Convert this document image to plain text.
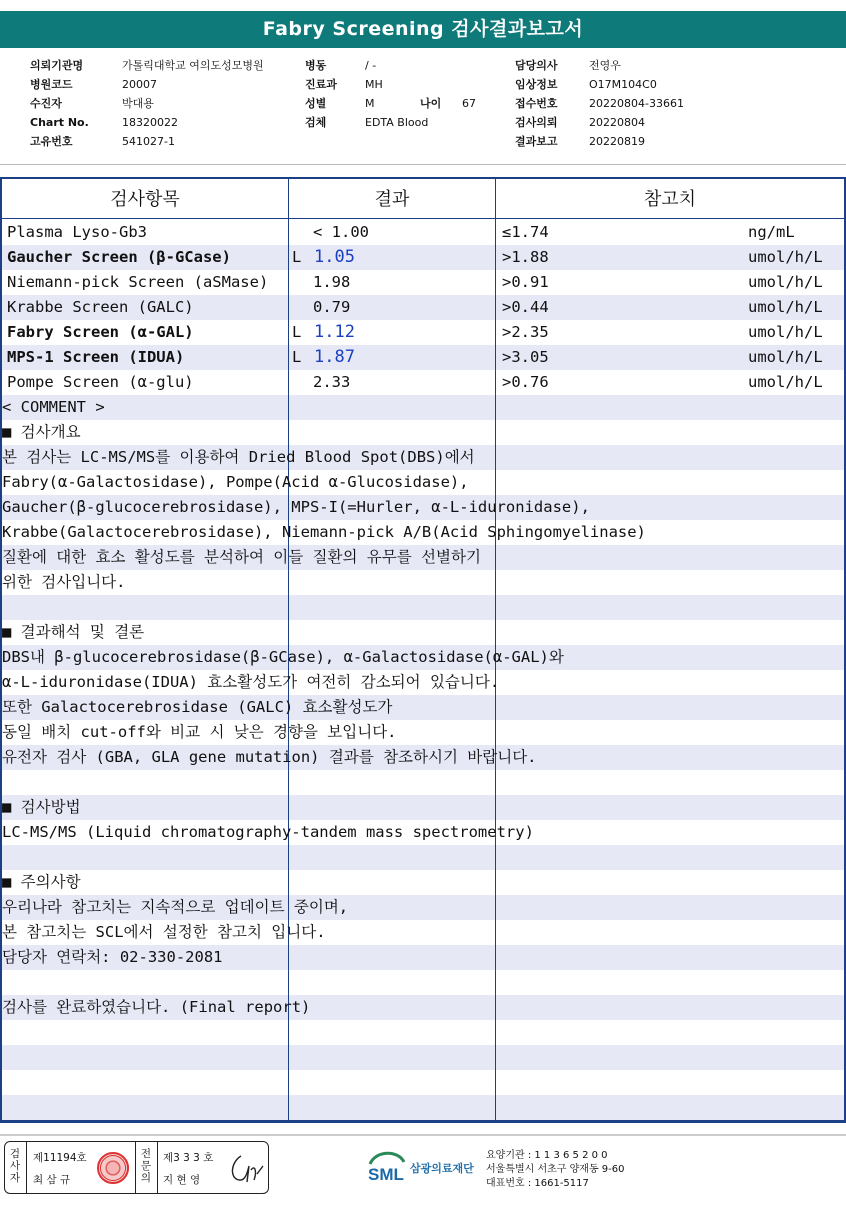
Fabry Screening 검사결과보고서
의뢰기관명	가톨릭대학교 여의도성모병원
병원코드	20007
수진자	박대용
Chart No.	18320022
고유번호	541027-1
병동	/ -
진료과	MH
성별	M	나이 67
검체	EDTA Blood
담당의사	전영우
임상정보	O17M104C0
접수번호	20220804-33661
검사의뢰	20220804
결과보고	20220819
검사항목	결과	참고치
Plasma Lyso-Gb3	< 1.00	≤1.74	ng/mL
Gaucher Screen (β-GCase)	L 1.05	>1.88	umol/h/L
Niemann-pick Screen (aSMase)	1.98	>0.91	umol/h/L
Krabbe Screen (GALC)	0.79	>0.44	umol/h/L
Fabry Screen (α-GAL)	L 1.12	>2.35	umol/h/L
MPS-1 Screen (IDUA)	L 1.87	>3.05	umol/h/L
Pompe Screen (α-glu)	2.33	>0.76	umol/h/L
< COMMENT >
■ 검사개요
본 검사는 LC-MS/MS를 이용하여 Dried Blood Spot(DBS)에서
Fabry(α-Galactosidase), Pompe(Acid α-Glucosidase),
Gaucher(β-glucocerebrosidase), MPS-I(=Hurler, α-L-iduronidase),
Krabbe(Galactocerebrosidase), Niemann-pick A/B(Acid Sphingomyelinase)
질환에 대한 효소 활성도를 분석하여 이들 질환의 유무를 선별하기
위한 검사입니다.
■ 결과해석 및 결론
DBS내 β-glucocerebrosidase(β-GCase), α-Galactosidase(α-GAL)와
α-L-iduronidase(IDUA) 효소활성도가 여전히 감소되어 있습니다.
또한 Galactocerebrosidase (GALC) 효소활성도가
동일 배치 cut-off와 비교 시 낮은 경향을 보입니다.
유전자 검사 (GBA, GLA gene mutation) 결과를 참조하시기 바랍니다.
■ 검사방법
LC-MS/MS (Liquid chromatography-tandem mass spectrometry)
■ 주의사항
우리나라 참고치는 지속적으로 업데이트 중이며,
본 참고치는 SCL에서 설정한 참고치 입니다.
담당자 연락처: 02-330-2081
검사를 완료하였습니다. (Final report)
검사자
제11194호
최 삼 규
전문의
제3 3 3 호
지 현 영	SML 삼광의료재단
요양기관 : 1 1 3 6 5 2 0 0
서울특별시 서초구 양재동 9-60
대표번호 : 1661-5117
